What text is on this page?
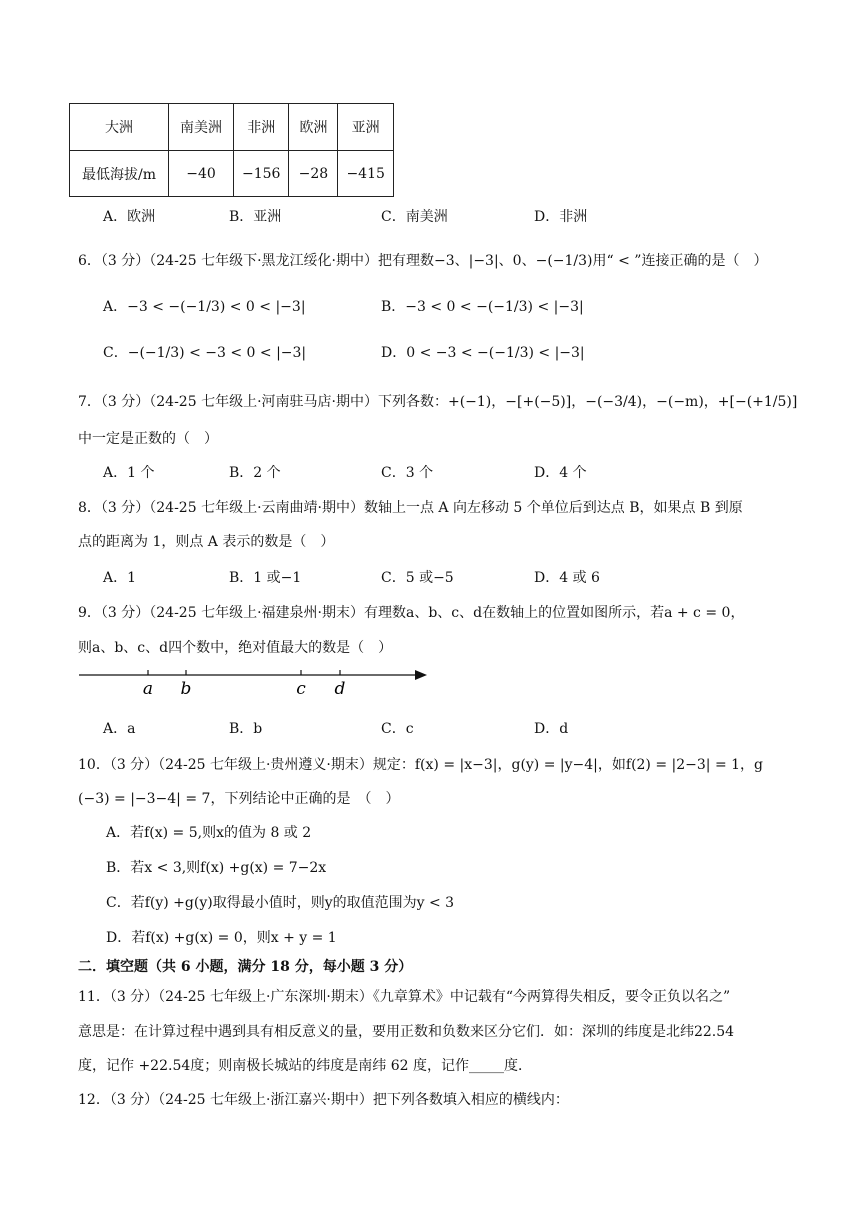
大洲	南美洲	非洲	欧洲	亚洲
最低海拔/m	−40	−156	−28	−415
A．欧洲	B．亚洲	C．南美洲	D．非洲
6．（3 分）（24-25 七年级下·黑龙江绥化·期中）把有理数−3、|−3|、0、−(−1/3)用“ < ”连接正确的是（　）
A．−3 < −(−1/3) < 0 < |−3|	B．−3 < 0 < −(−1/3) < |−3|
C．−(−1/3) < −3 < 0 < |−3|	D．0 < −3 < −(−1/3) < |−3|
7．（3 分）（24-25 七年级上·河南驻马店·期中）下列各数：+(−1)，−[+(−5)]，−(−3/4)，−(−m)，+[−(+1/5)]
中一定是正数的（　）
A．1 个	B．2 个	C．3 个	D．4 个
8．（3 分）（24-25 七年级上·云南曲靖·期中）数轴上一点 A 向左移动 5 个单位后到达点 B，如果点 B 到原
点的距离为 1，则点 A 表示的数是（　）
A．1	B．1 或−1	C．5 或−5	D．4 或 6
9．（3 分）（24-25 七年级上·福建泉州·期末）有理数a、b、c、d在数轴上的位置如图所示，若a + c = 0，
则a、b、c、d四个数中，绝对值最大的数是（　）
a b	c d
A．a	B．b	C．c	D．d
10．（3 分）（24-25 七年级上·贵州遵义·期末）规定：f(x) = |x−3|，g(y) = |y−4|，如f(2) = |2−3| = 1，g
(−3) = |−3−4| = 7，下列结论中正确的是　（　）
A．若f(x) = 5,则x的值为 8 或 2
B．若x < 3,则f(x) +g(x) = 7−2x
C．若f(y) +g(y)取得最小值时，则y的取值范围为y < 3
D．若f(x) +g(x) = 0，则x + y = 1
二．填空题（共 6 小题，满分 18 分，每小题 3 分）
11．（3 分）（24-25 七年级上·广东深圳·期末）《九章算术》中记载有“今两算得失相反，要令正负以名之”
意思是：在计算过程中遇到具有相反意义的量，要用正数和负数来区分它们．如：深圳的纬度是北纬22.54
度，记作 +22.54度；则南极长城站的纬度是南纬 62 度，记作_____度．
12．（3 分）（24-25 七年级上·浙江嘉兴·期中）把下列各数填入相应的横线内：
